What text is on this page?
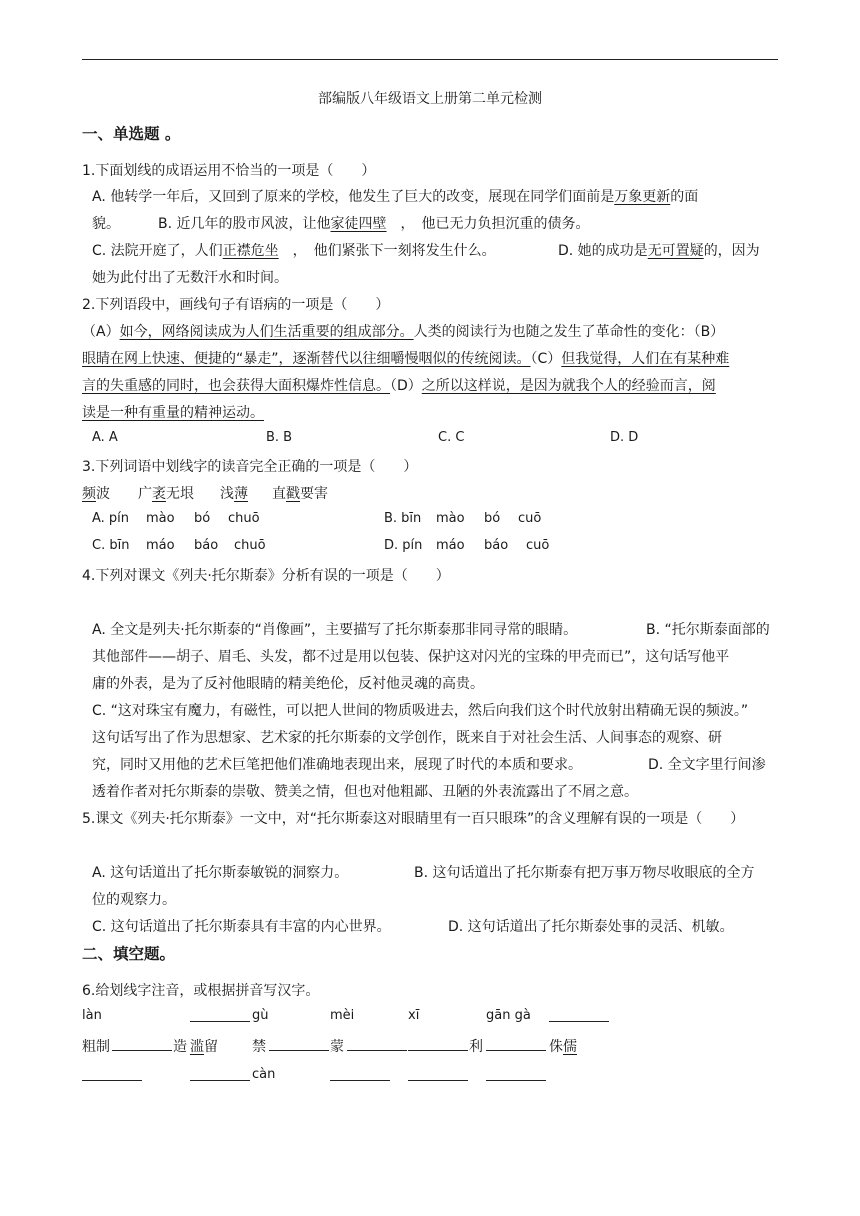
部编版八年级语文上册第二单元检测
一、单选题 。
1.下面划线的成语运用不恰当的一项是（　　）
A. 他转学一年后，又回到了原来的学校，他发生了巨大的改变，展现在同学们面前是万象更新的面
貌。	B. 近几年的股市风波，让他家徒四壁　，　他已无力负担沉重的债务。
C. 法院开庭了，人们正襟危坐　，　他们紧张下一刻将发生什么。	D. 她的成功是无可置疑的，因为
她为此付出了无数汗水和时间。
2.下列语段中，画线句子有语病的一项是（　　）
（A）如今，网络阅读成为人们生活重要的组成部分。人类的阅读行为也随之发生了革命性的变化：（B）
眼睛在网上快速、便捷的“暴走”，逐渐替代以往细嚼慢咽似的传统阅读。（C）但我觉得，人们在有某种难
言的失重感的同时，也会获得大面积爆炸性信息。（D）之所以这样说，是因为就我个人的经验而言，阅
读是一种有重量的精神运动。
A. A	B. B	C. C	D. D
3.下列词语中划线字的读音完全正确的一项是（　　）
频波 广袤无垠 浅薄 直戳要害
A. pín mào bó chuō	B. bīn mào bó cuō
C. bīn máo báo chuō	D. pín máo báo cuō
4.下列对课文《列夫·托尔斯泰》分析有误的一项是（　　）
A. 全文是列夫·托尔斯泰的“肖像画”，主要描写了托尔斯泰那非同寻常的眼睛。	B. “托尔斯泰面部的
其他部件——胡子、眉毛、头发，都不过是用以包装、保护这对闪光的宝珠的甲壳而已”，这句话写他平
庸的外表，是为了反衬他眼睛的精美绝伦，反衬他灵魂的高贵。
C. “这对珠宝有魔力，有磁性，可以把人世间的物质吸进去，然后向我们这个时代放射出精确无误的频波。”
这句话写出了作为思想家、艺术家的托尔斯泰的文学创作，既来自于对社会生活、人间事态的观察、研
究，同时又用他的艺术巨笔把他们准确地表现出来，展现了时代的本质和要求。	D. 全文字里行间渗
透着作者对托尔斯泰的崇敬、赞美之情，但也对他粗鄙、丑陋的外表流露出了不屑之意。
5.课文《列夫·托尔斯泰》一文中，对“托尔斯泰这对眼睛里有一百只眼珠”的含义理解有误的一项是（　　）
A. 这句话道出了托尔斯泰敏锐的洞察力。	B. 这句话道出了托尔斯泰有把万事万物尽收眼底的全方
位的观察力。
C. 这句话道出了托尔斯泰具有丰富的内心世界。	D. 这句话道出了托尔斯泰处事的灵活、机敏。
二、填空题。
6.给划线字注音，或根据拼音写汉字。
làn	gù	mèi	xī	gān gà
粗制	造 滥留 禁	蒙	利	侏儒
càn
